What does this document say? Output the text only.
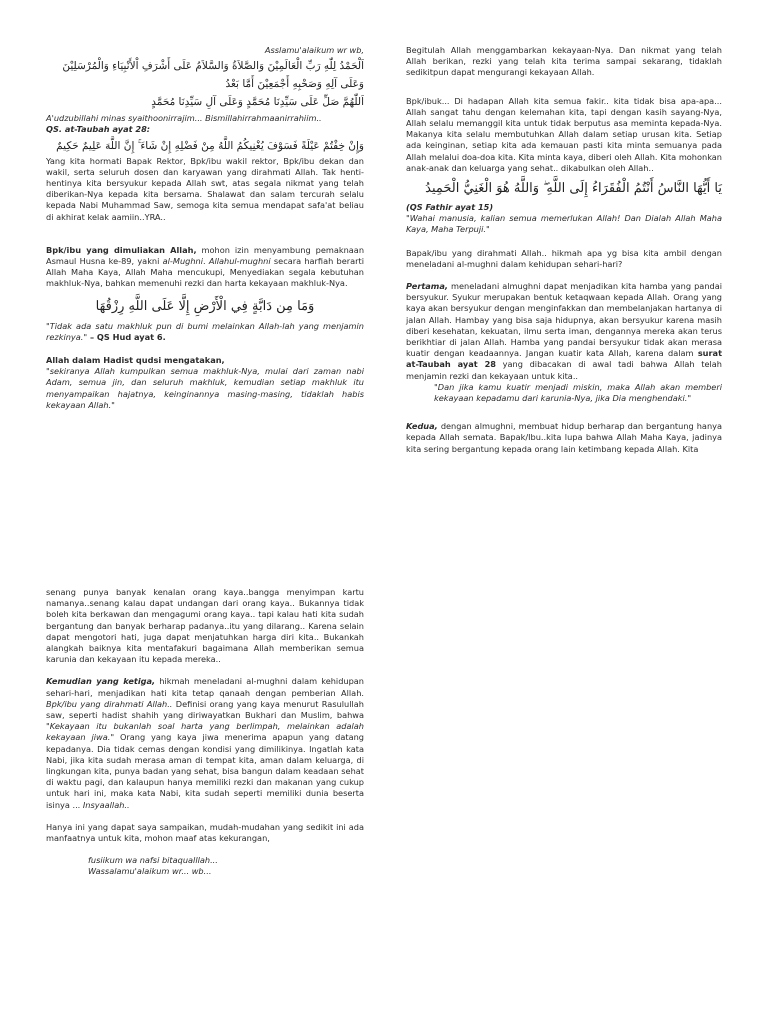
Asslamu'alaikum wr wb,

اَلْحَمْدُ لِلّٰهِ رَبِّ الْعَالَمِيْنَ وَالصَّلاَةُ وَالسَّلاَمُ عَلَى أَشْرَفِ اْلأَنْبِيَاءِ وَالْمُرْسَلِيْنَ
وَعَلَى آلِهِ وَصَحْبِهِ أَجْمَعِيْنَ أَمَّا بَعْدُ
اَللّٰهُمَّ صَلِّ عَلَى سَيِّدِنَا مُحَمَّدٍ وَعَلَى آلِ سَيِّدِنَا مُحَمَّدٍ

A'udzubillahi minas syaithoonirrajim... Bismillahirrahmaanirrahiim..

QS. at-Taubah ayat 28:

وَإِنْ خِفْتُمْ عَيْلَةً فَسَوْفَ يُغْنِيكُمُ اللَّهُ مِنْ فَضْلِهِ إِنْ شَاءَ ۚ إِنَّ اللَّهَ عَلِيمٌ حَكِيمٌ

Yang kita hormati Bapak Rektor, Bpk/ibu wakil rektor, Bpk/ibu dekan dan wakil, serta seluruh dosen dan karyawan yang dirahmati Allah. Tak henti-hentinya kita bersyukur kepada Allah swt, atas segala nikmat yang telah diberikan-Nya kepada kita bersama. Shalawat dan salam tercurah selalu kepada Nabi Muhammad Saw, semoga kita semua mendapat safa'at beliau di akhirat kelak aamiin..YRA..

Bpk/ibu yang dimuliakan Allah, mohon izin menyambung pemaknaan Asmaul Husna ke-89, yakni al-Mughni. Allahul-mughni secara harfiah berarti Allah Maha Kaya, Allah Maha mencukupi, Menyediakan segala kebutuhan makhluk-Nya, bahkan memenuhi rezki dan harta kekayaan makhluk-Nya.

وَمَا مِن دَابَّةٍ فِي الْأَرْضِ إِلَّا عَلَى اللَّهِ رِزْقُهَا

"Tidak ada satu makhluk pun di bumi melainkan Allah-lah yang menjamin rezkinya." – QS Hud ayat 6.

Allah dalam Hadist qudsi mengatakan,

"sekiranya Allah kumpulkan semua makhluk-Nya, mulai dari zaman nabi Adam, semua jin, dan seluruh makhluk, kemudian setiap makhluk itu menyampaikan hajatnya, keinginannya masing-masing, tidaklah habis kekayaan Allah."

Begitulah Allah menggambarkan kekayaan-Nya. Dan nikmat yang telah Allah berikan, rezki yang telah kita terima sampai sekarang, tidaklah sedikitpun dapat mengurangi kekayaan Allah.

Bpk/ibuk... Di hadapan Allah kita semua fakir.. kita tidak bisa apa-apa... Allah sangat tahu dengan kelemahan kita, tapi dengan kasih sayang-Nya, Allah selalu memanggil kita untuk tidak berputus asa meminta kepada-Nya. Makanya kita selalu membutuhkan Allah dalam setiap urusan kita. Setiap ada keinginan, setiap kita ada kemauan pasti kita minta semuanya pada Allah melalui doa-doa kita. Kita minta kaya, diberi oleh Allah. Kita mohonkan anak-anak dan keluarga yang sehat.. dikabulkan oleh Allah..

يَا أَيُّهَا النَّاسُ أَنْتُمُ الْفُقَرَاءُ إِلَى اللَّهِ ۖ وَاللَّهُ هُوَ الْغَنِيُّ الْحَمِيدُ

(QS Fathir ayat 15)

"Wahai manusia, kalian semua memerlukan Allah! Dan Dialah Allah Maha Kaya, Maha Terpuji."

Bapak/ibu yang dirahmati Allah.. hikmah apa yg bisa kita ambil dengan meneladani al-mughni dalam kehidupan sehari-hari?

Pertama, meneladani almughni dapat menjadikan kita hamba yang pandai bersyukur. Syukur merupakan bentuk ketaqwaan kepada Allah. Orang yang kaya akan bersyukur dengan menginfakkan dan membelanjakan hartanya di jalan Allah. Hambay yang bisa saja hidupnya, akan bersyukur karena masih diberi kesehatan, kekuatan, ilmu serta iman, dengannya mereka akan terus berikhtiar di jalan Allah. Hamba yang pandai bersyukur tidak akan merasa kuatir dengan keadaannya. Jangan kuatir kata Allah, karena dalam surat at-Taubah ayat 28 yang dibacakan di awal tadi bahwa Allah telah menjamin rezki dan kekayaan untuk kita..

"Dan jika kamu kuatir menjadi miskin, maka Allah akan memberi kekayaan kepadamu dari karunia-Nya, jika Dia menghendaki."

Kedua, dengan almughni, membuat hidup berharap dan bergantung hanya kepada Allah semata. Bapak/Ibu..kita lupa bahwa Allah Maha Kaya, jadinya kita sering bergantung kepada orang lain ketimbang kepada Allah. Kita

senang punya banyak kenalan orang kaya..bangga menyimpan kartu namanya..senang kalau dapat undangan dari orang kaya.. Bukannya tidak boleh kita berkawan dan mengagumi orang kaya.. tapi kalau hati kita sudah bergantung dan banyak berharap padanya..itu yang dilarang.. Karena selain dapat mengotori hati, juga dapat menjatuhkan harga diri kita.. Bukankah alangkah baiknya kita mentafakuri bagaimana Allah memberikan semua karunia dan kekayaan itu kepada mereka..

Kemudian yang ketiga, hikmah meneladani al-mughni dalam kehidupan sehari-hari, menjadikan hati kita tetap qanaah dengan pemberian Allah. Bpk/ibu yang dirahmati Allah.. Definisi orang yang kaya menurut Rasulullah saw, seperti hadist shahih yang diriwayatkan Bukhari dan Muslim, bahwa "Kekayaan itu bukanlah soal harta yang berlimpah, melainkan adalah kekayaan jiwa." Orang yang kaya jiwa menerima apapun yang datang kepadanya. Dia tidak cemas dengan kondisi yang dimilikinya. Ingatlah kata Nabi, jika kita sudah merasa aman di tempat kita, aman dalam keluarga, di lingkungan kita, punya badan yang sehat, bisa bangun dalam keadaan sehat di waktu pagi, dan kalaupun hanya memiliki rezki dan makanan yang cukup untuk hari ini, maka kata Nabi, kita sudah seperti memiliki dunia beserta isinya ... Insyaallah..

Hanya ini yang dapat saya sampaikan, mudah-mudahan yang sedikit ini ada manfaatnya untuk kita, mohon maaf atas kekurangan,

fusiikum wa nafsi bitaqualllah...

Wassalamu'alaikum wr... wb...
